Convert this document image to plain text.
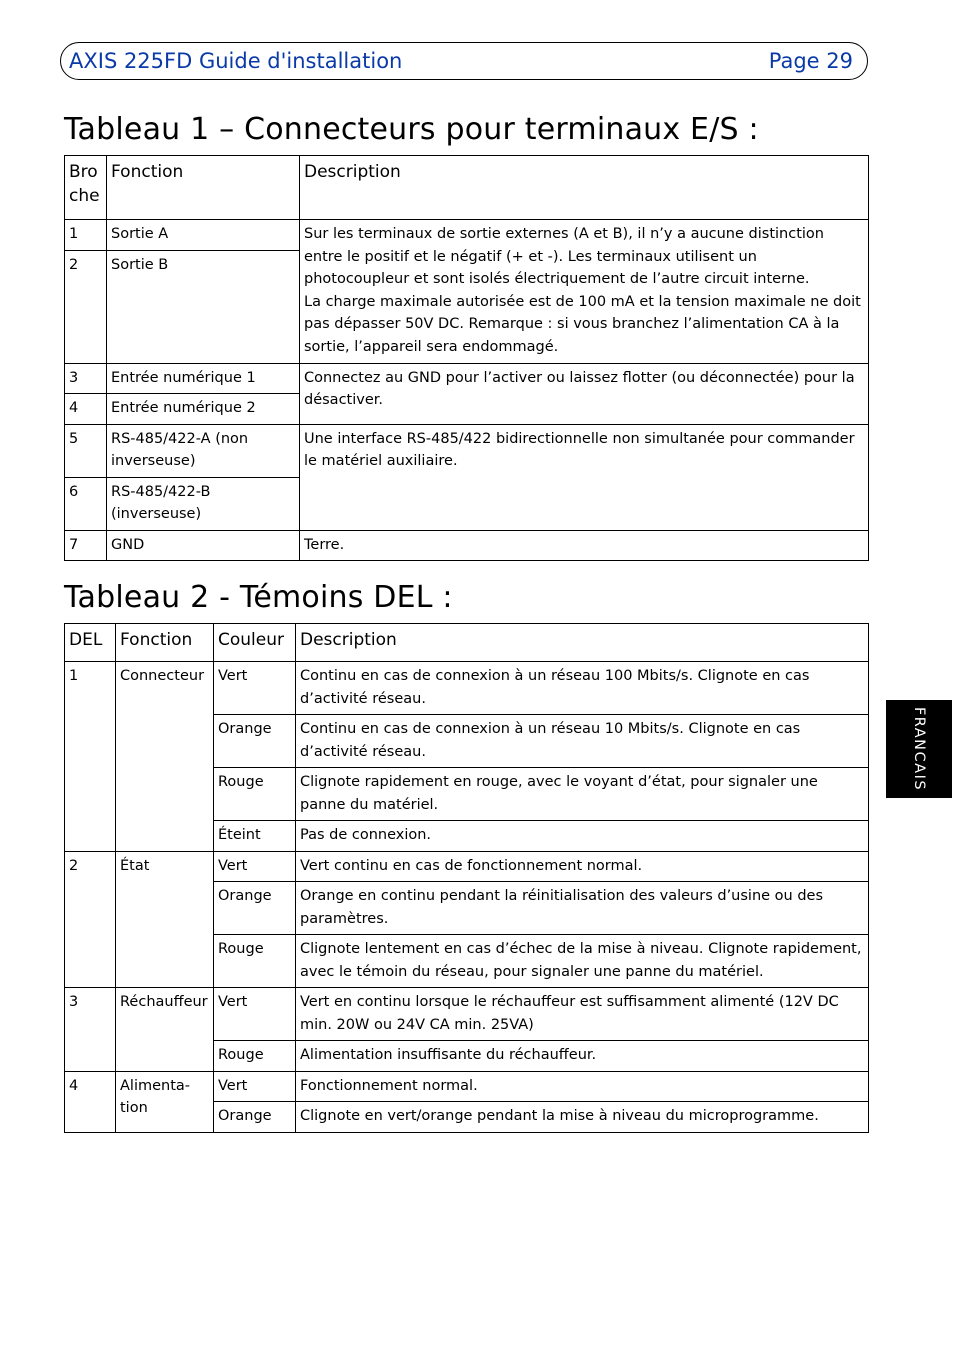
AXIS 225FD Guide d'installation	Page 29
Tableau 1 – Connecteurs pour terminaux E/S :
Bro che	Fonction	Description
1	Sortie A	Sur les terminaux de sortie externes (A et B), il n’y a aucune distinction entre le positif et le négatif (+ et -). Les terminaux utilisent un photocoupleur et sont isolés électriquement de l’autre circuit interne.
La charge maximale autorisée est de 100 mA et la tension maximale ne doit pas dépasser 50V DC. Remarque : si vous branchez l’alimentation CA à la sortie, l’appareil sera endommagé.

2	Sortie B	
3	Entrée numérique 1	Connectez au GND pour l’activer ou laissez flotter (ou déconnectée) pour la désactiver.
4	Entrée numérique 2	
5	RS-485/422-A (non inverseuse)	Une interface RS-485/422 bidirectionnelle non simultanée pour commander le matériel auxiliaire.
6	RS-485/422-B (inverseuse)	
7	GND	Terre.
Tableau 2 - Témoins DEL :
DEL	Fonction	Couleur	Description
1	Connecteur	Vert	Continu en cas de connexion à un réseau 100 Mbits/s. Clignote en cas d’activité réseau.
		Orange	Continu en cas de connexion à un réseau 10 Mbits/s. Clignote en cas d’activité réseau.
		Rouge	Clignote rapidement en rouge, avec le voyant d’état, pour signaler une panne du matériel.
		Éteint	Pas de connexion.
2	État	Vert	Vert continu en cas de fonctionnement normal.
		Orange	Orange en continu pendant la réinitialisation des valeurs d’usine ou des paramètres.
		Rouge	Clignote lentement en cas d’échec de la mise à niveau. Clignote rapidement, avec le témoin du réseau, pour signaler une panne du matériel.
3	Réchauffeur	Vert	Vert en continu lorsque le réchauffeur est suffisamment alimenté (12V DC min. 20W ou 24V CA min. 25VA)
		Rouge	Alimentation insuffisante du réchauffeur.
4	Alimenta- tion	Vert	Fonctionnement normal.
		Orange	Clignote en vert/orange pendant la mise à niveau du microprogramme.
FRANCAIS
